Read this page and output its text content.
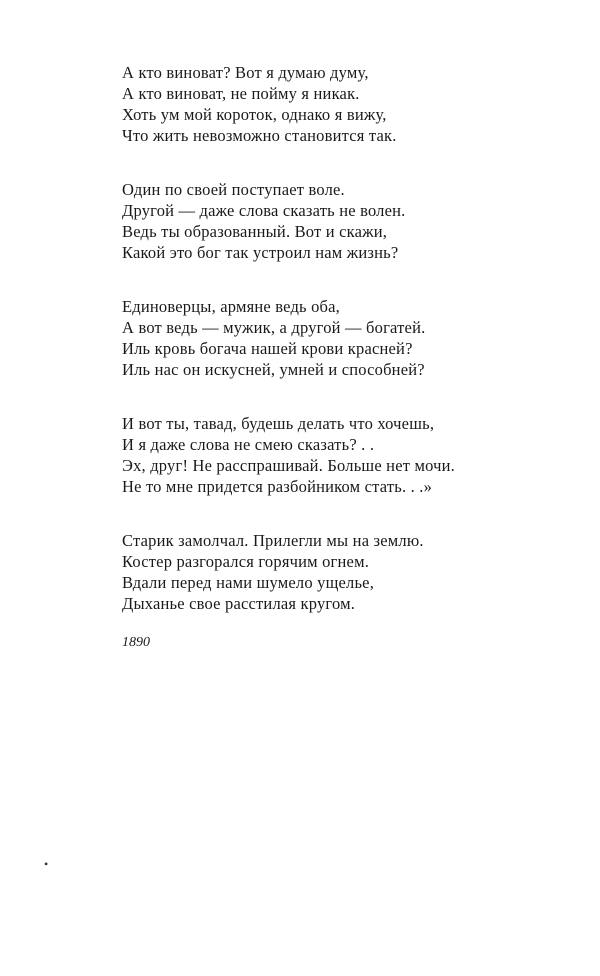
А кто виноват? Вот я думаю думу,
А кто виноват, не пойму я никак.
Хоть ум мой короток, однако я вижу,
Что жить невозможно становится так.
Один по своей поступает воле.
Другой — даже слова сказать не волен.
Ведь ты образованный. Вот и скажи,
Какой это бог так устроил нам жизнь?
Единоверцы, армяне ведь оба,
А вот ведь — мужик, а другой — богатей.
Иль кровь богача нашей крови красней?
Иль нас он искусней, умней и способней?
И вот ты, тавад, будешь делать что хочешь,
И я даже слова не смею сказать? . .
Эх, друг! Не расспрашивай. Больше нет мочи.
Не то мне придется разбойником стать. . .»
Старик замолчал. Прилегли мы на землю.
Костер разгорался горячим огнем.
Вдали перед нами шумело ущелье,
Дыханье свое расстилая кругом.
1890
•
